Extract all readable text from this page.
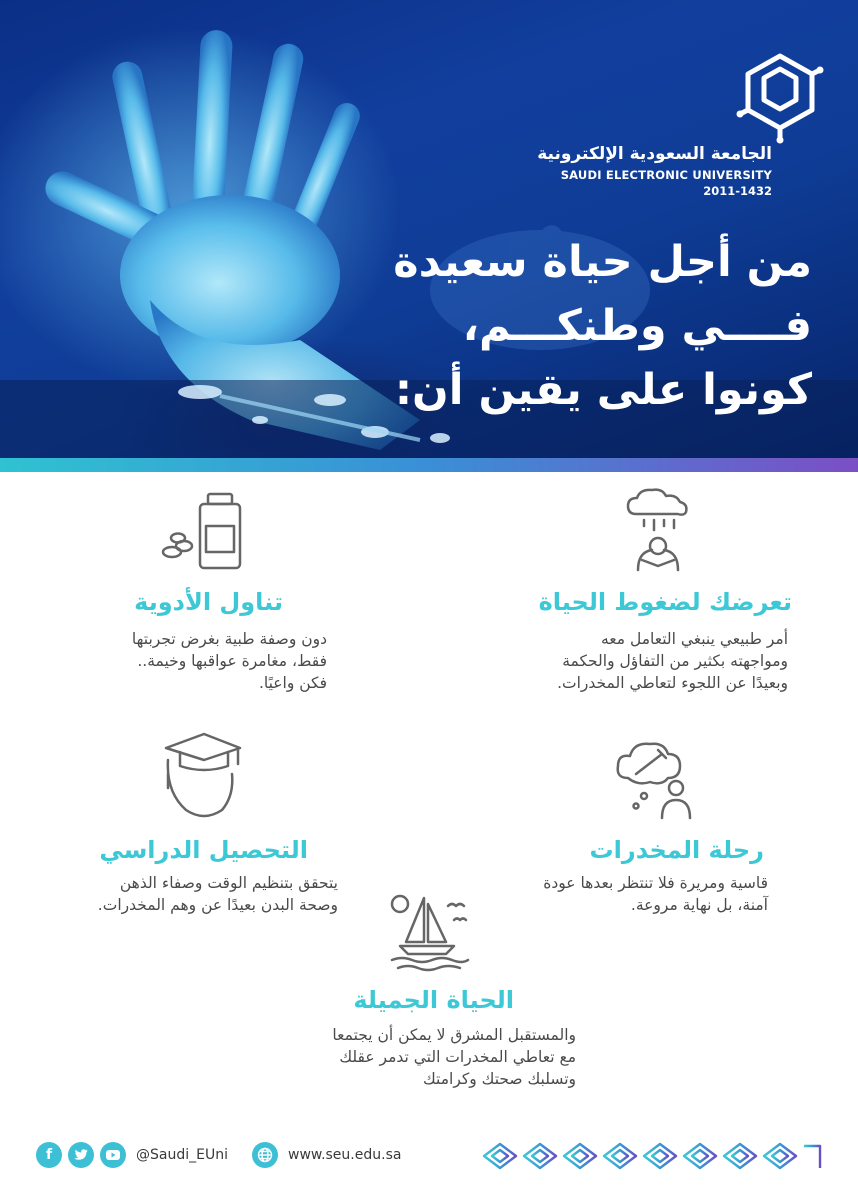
الجامعة السعودية الإلكترونية
SAUDI ELECTRONIC UNIVERSITY
2011-1432
من أجل حياة سعيدة
فــــي وطنكـــم،
كونوا على يقين أن:
تعرضك لضغوط الحياة
أمر طبيعي ينبغي التعامل معه
ومواجهته بكثير من التفاؤل والحكمة
وبعيدًا عن اللجوء لتعاطي المخدرات.
تناول الأدوية
دون وصفة طبية بغرض تجربتها
فقط، مغامرة عواقبها وخيمة..
فكن واعيًا.
رحلة المخدرات
قاسية ومريرة فلا تنتظر بعدها عودة
آمنة، بل نهاية مروعة.
التحصيل الدراسي
يتحقق بتنظيم الوقت وصفاء الذهن
وصحة البدن بعيدًا عن وهم المخدرات.
الحياة الجميلة
والمستقبل المشرق لا يمكن أن يجتمعا
مع تعاطي المخدرات التي تدمر عقلك
وتسلبك صحتك وكرامتك
f	@Saudi_EUni	www.seu.edu.sa
